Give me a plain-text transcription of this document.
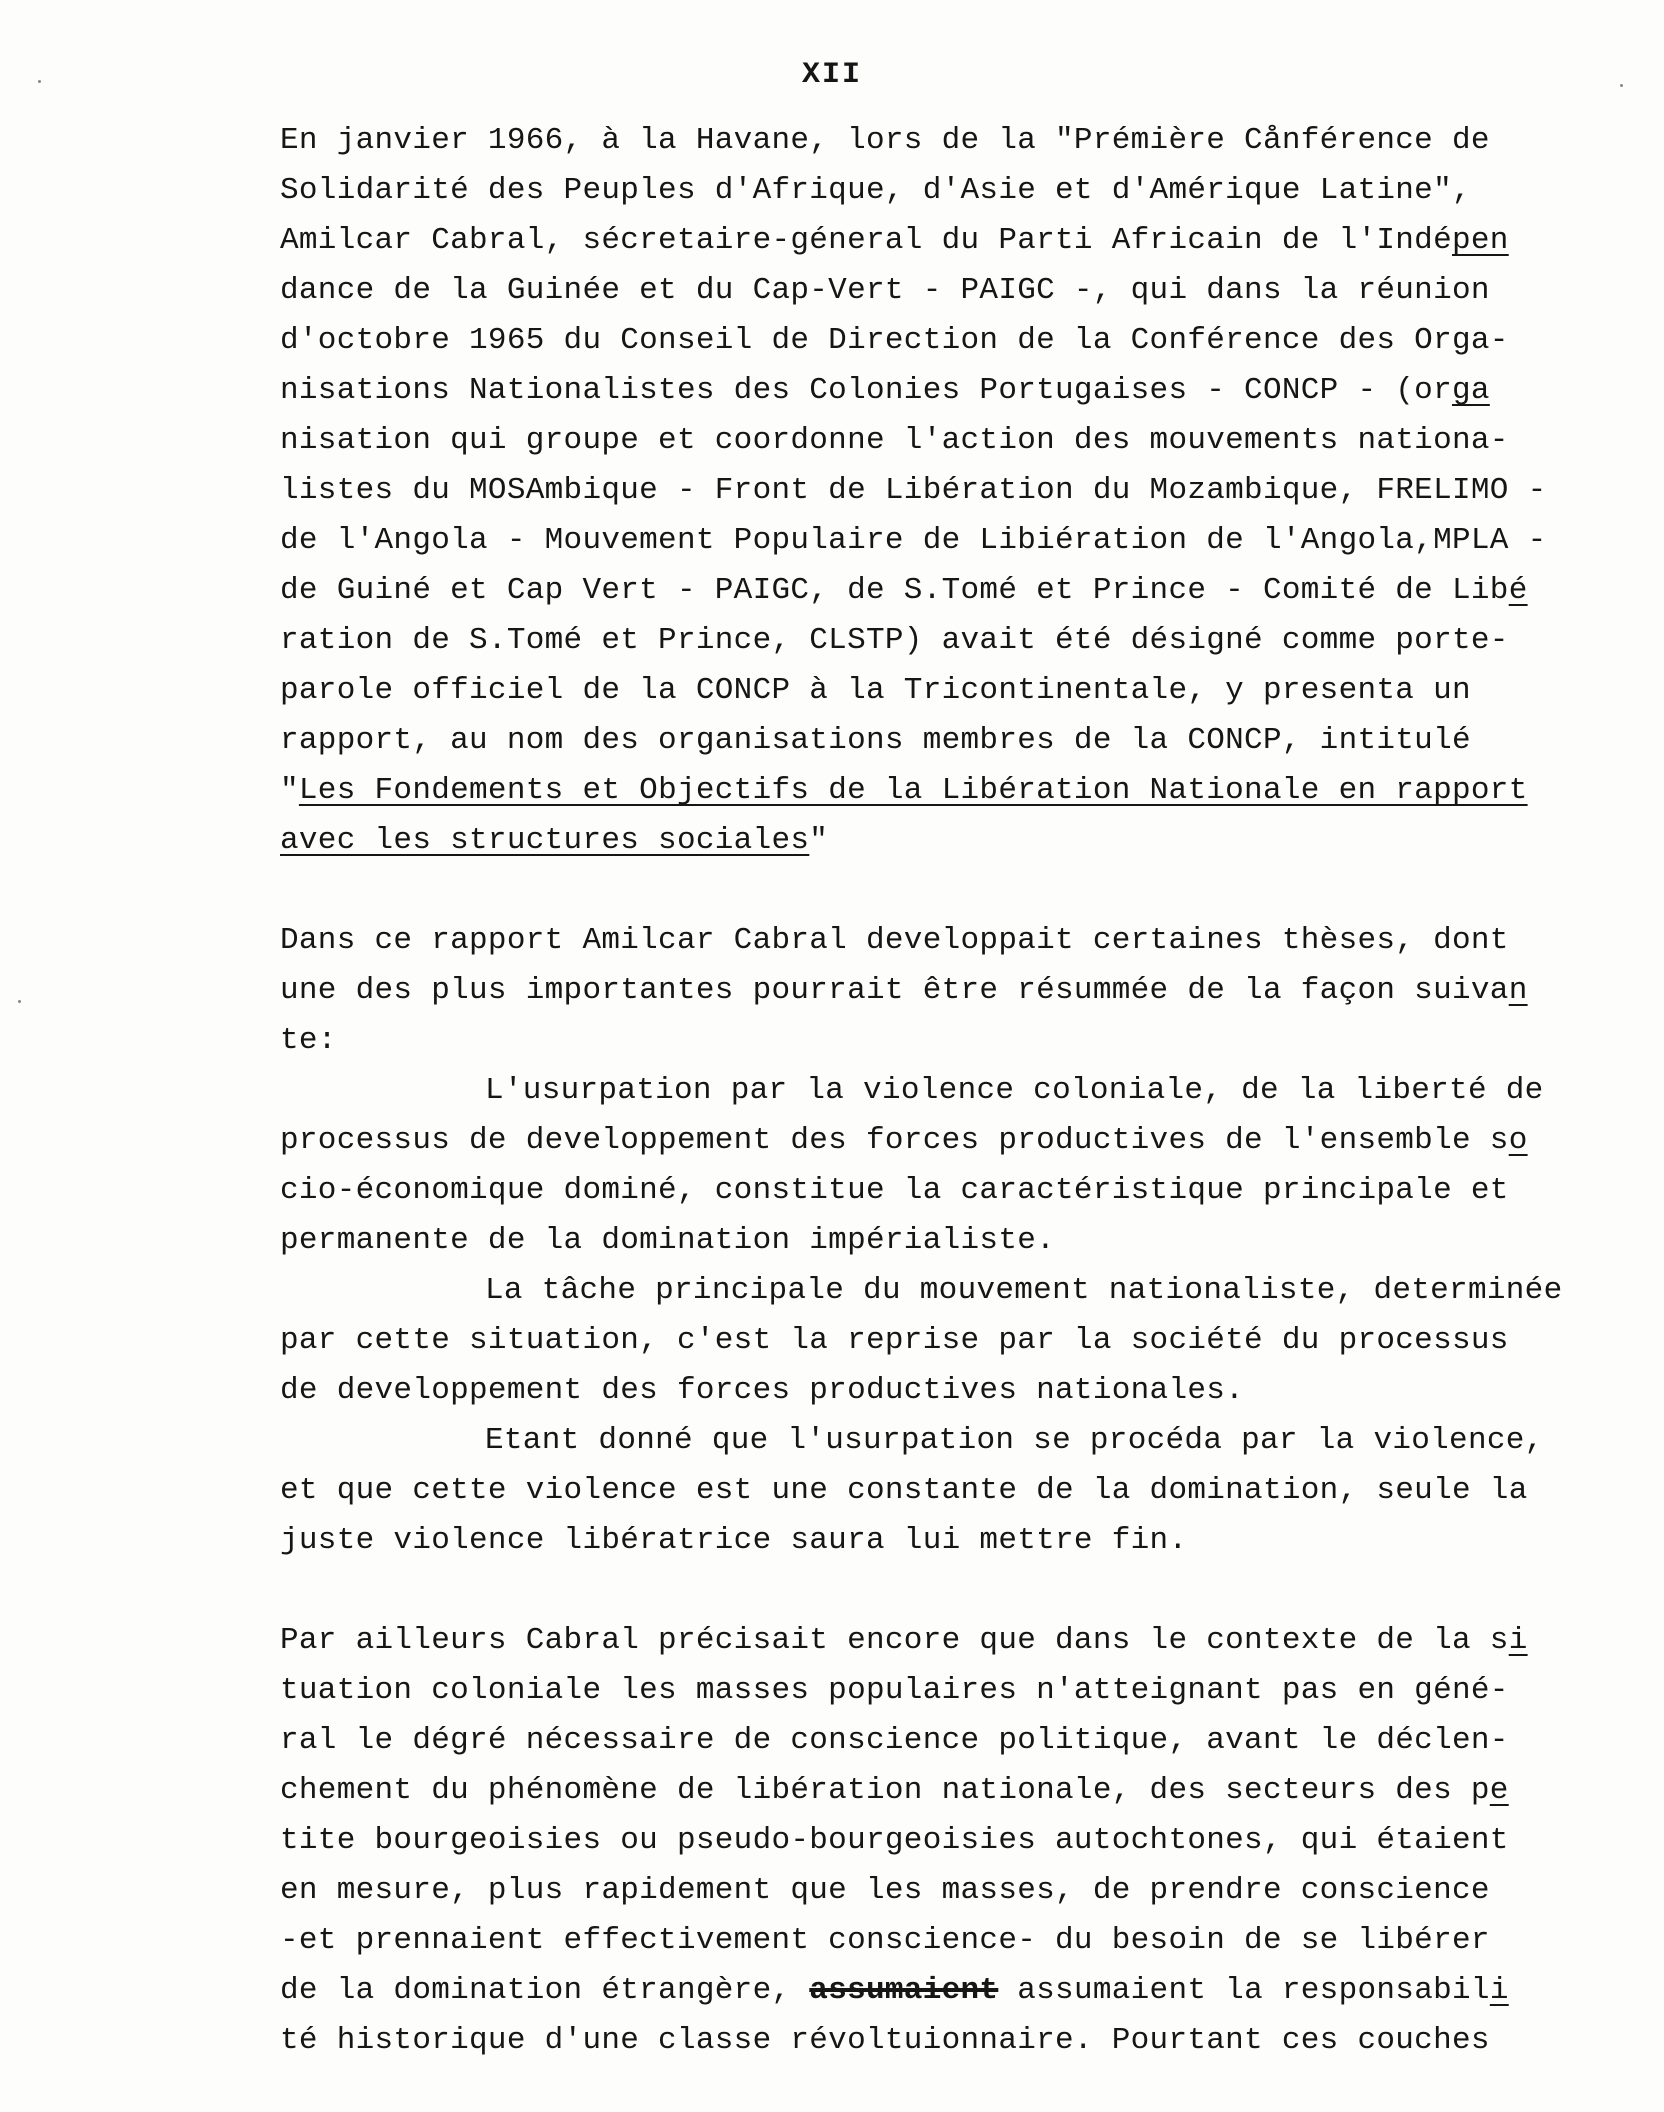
XII
En janvier 1966, à la Havane, lors de la "Prémière Cånférence de
Solidarité des Peuples d'Afrique, d'Asie et d'Amérique Latine",
Amilcar Cabral, sécretaire-géneral du Parti Africain de l'Indépen
dance de la Guinée et du Cap-Vert - PAIGC -, qui dans la réunion
d'octobre 1965 du Conseil de Direction de la Conférence des Orga-
nisations Nationalistes des Colonies Portugaises - CONCP - (orga
nisation qui groupe et coordonne l'action des mouvements nationa-
listes du MOSAmbique - Front de Libération du Mozambique, FRELIMO -
de l'Angola - Mouvement Populaire de Libiération de l'Angola,MPLA -
de Guiné et Cap Vert - PAIGC, de S.Tomé et Prince - Comité de Libé
ration de S.Tomé et Prince, CLSTP) avait été désigné comme porte-
parole officiel de la CONCP à la Tricontinentale, y presenta un
rapport, au nom des organisations membres de la CONCP, intitulé
"Les Fondements et Objectifs de la Libération Nationale en rapport
avec les structures sociales"
Dans ce rapport Amilcar Cabral developpait certaines thèses, dont
une des plus importantes pourrait être résummée de la façon suivan
te:
L'usurpation par la violence coloniale, de la liberté de
processus de developpement des forces productives de l'ensemble so
cio-économique dominé, constitue la caractéristique principale et
permanente de la domination impérialiste.
La tâche principale du mouvement nationaliste, determinée
par cette situation, c'est la reprise par la société du processus
de developpement des forces productives nationales.
Etant donné que l'usurpation se procéda par la violence,
et que cette violence est une constante de la domination, seule la
juste violence libératrice saura lui mettre fin.
Par ailleurs Cabral précisait encore que dans le contexte de la si
tuation coloniale les masses populaires n'atteignant pas en géné-
ral le dégré nécessaire de conscience politique, avant le déclen-
chement du phénomène de libération nationale, des secteurs des pe
tite bourgeoisies ou pseudo-bourgeoisies autochtones, qui étaient
en mesure, plus rapidement que les masses, de prendre conscience
-et prennaient effectivement conscience- du besoin de se libérer
de la domination étrangère, assumaient assumaient la responsabili
té historique d'une classe révoltuionnaire. Pourtant ces couches
